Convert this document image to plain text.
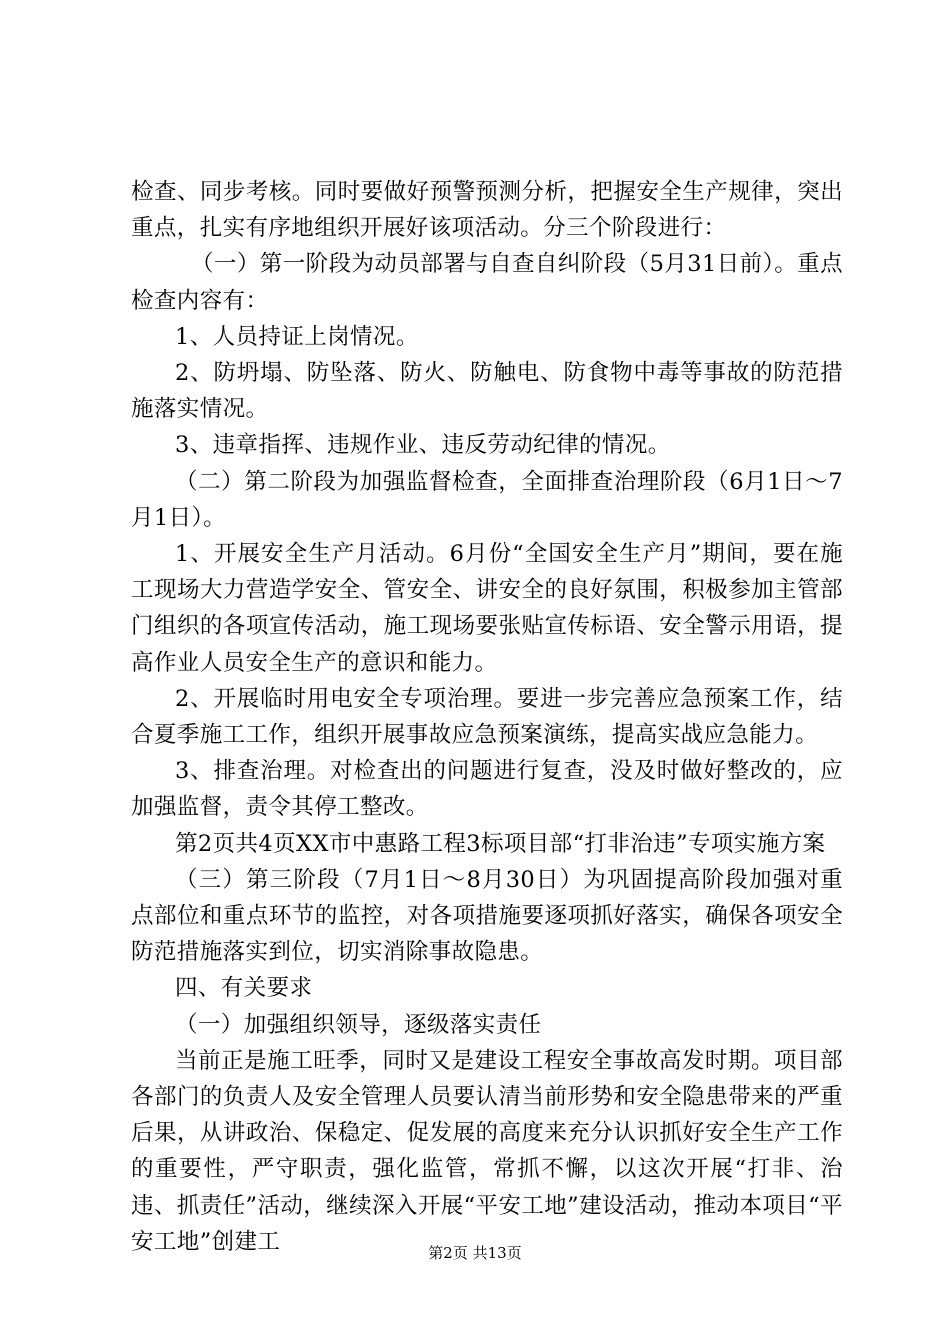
检查、同步考核。同时要做好预警预测分析，把握安全生产规律，突出重点，扎实有序地组织开展好该项活动。分三个阶段进行：

（一）第一阶段为动员部署与自查自纠阶段（5月31日前）。重点检查内容有：

1、人员持证上岗情况。

2、防坍塌、防坠落、防火、防触电、防食物中毒等事故的防范措施落实情况。

3、违章指挥、违规作业、违反劳动纪律的情况。

（二）第二阶段为加强监督检查，全面排查治理阶段（6月1日～7月1日）。

1、开展安全生产月活动。6月份“全国安全生产月”期间，要在施工现场大力营造学安全、管安全、讲安全的良好氛围，积极参加主管部门组织的各项宣传活动，施工现场要张贴宣传标语、安全警示用语，提高作业人员安全生产的意识和能力。

2、开展临时用电安全专项治理。要进一步完善应急预案工作，结合夏季施工工作，组织开展事故应急预案演练，提高实战应急能力。

3、排查治理。对检查出的问题进行复查，没及时做好整改的，应加强监督，责令其停工整改。

第2页共4页XX市中惠路工程3标项目部“打非治违”专项实施方案

（三）第三阶段（7月1日～8月30日）为巩固提高阶段加强对重点部位和重点环节的监控，对各项措施要逐项抓好落实，确保各项安全防范措施落实到位，切实消除事故隐患。

四、有关要求

（一）加强组织领导，逐级落实责任

当前正是施工旺季，同时又是建设工程安全事故高发时期。项目部各部门的负责人及安全管理人员要认清当前形势和安全隐患带来的严重后果，从讲政治、保稳定、促发展的高度来充分认识抓好安全生产工作的重要性，严守职责，强化监管，常抓不懈，以这次开展“打非、治违、抓责任”活动，继续深入开展“平安工地”建设活动，推动本项目“平安工地”创建工	第2页 共13页
